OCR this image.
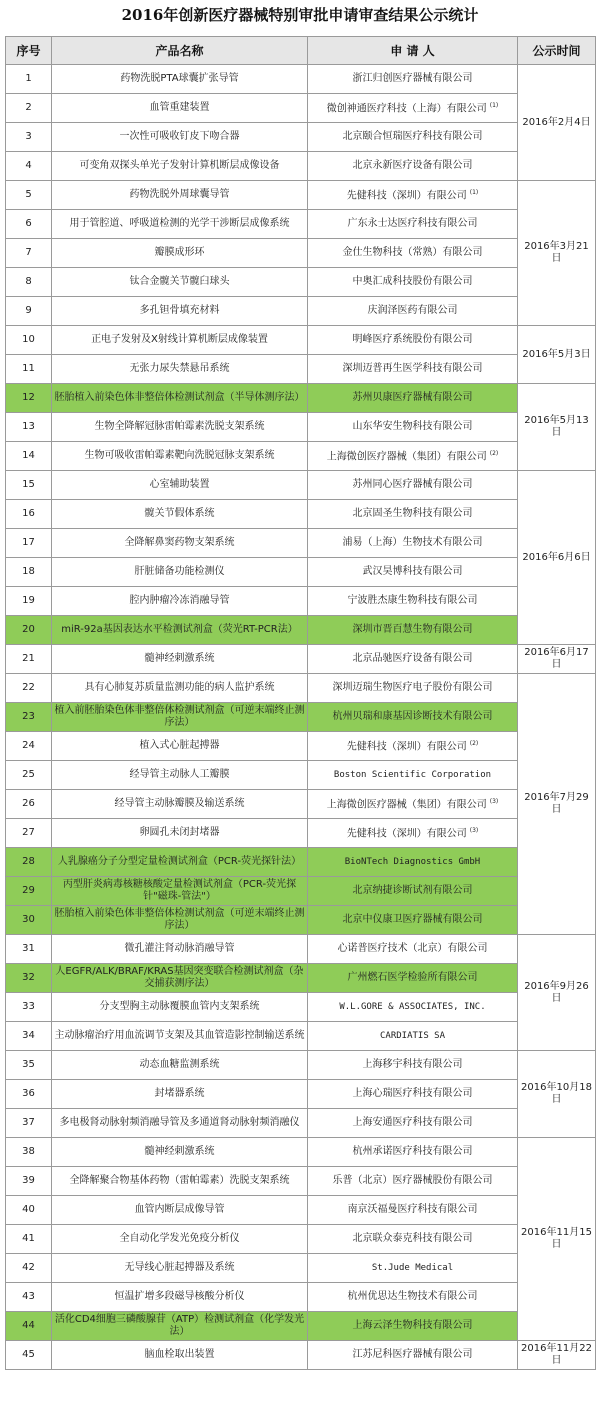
2016年创新医疗器械特别审批申请审查结果公示统计
序号	产品名称	申 请 人	公示时间
1	药物洗脱PTA球囊扩张导管	浙江归创医疗器械有限公司	2016年2月4日
2	血管重建装置	微创神通医疗科技（上海）有限公司 $^{(1)}$
3	一次性可吸收钉皮下吻合器	北京颐合恒瑞医疗科技有限公司	
4	可变角双探头单光子发射计算机断层成像设备	北京永新医疗设备有限公司	
5	药物洗脱外周球囊导管	先健科技（深圳）有限公司 $^{(1)}$	2016年3月21日
6	用于管腔道、呼吸道检测的光学干涉断层成像系统	广东永士达医疗科技有限公司	
7	瓣膜成形环	金仕生物科技（常熟）有限公司	
8	钛合金髋关节髋臼球头	中奥汇成科技股份有限公司	
9	多孔钽骨填充材料	庆润泽医药有限公司	
10	正电子发射及X射线计算机断层成像装置	明峰医疗系统股份有限公司	2016年5月3日
11	无张力尿失禁悬吊系统	深圳迈普再生医学科技有限公司	
12	胚胎植入前染色体非整倍体检测试剂盒（半导体测序法）	苏州贝康医疗器械有限公司	2016年5月13日
13	生物全降解冠脉雷帕霉素洗脱支架系统	山东华安生物科技有限公司	
14	生物可吸收雷帕霉素靶向洗脱冠脉支架系统	上海微创医疗器械（集团）有限公司 $^{(2)}$
15	心室辅助装置	苏州同心医疗器械有限公司	2016年6月6日
16	髋关节假体系统	北京固圣生物科技有限公司	
17	全降解鼻窦药物支架系统	浦易（上海）生物技术有限公司	
18	肝脏储备功能检测仪	武汉昊博科技有限公司	
19	腔内肿瘤冷冻消融导管	宁波胜杰康生物科技有限公司	
20	miR-92a基因表达水平检测试剂盒（荧光RT-PCR法）	深圳市晋百慧生物有限公司	
21	髓神经刺激系统	北京品驰医疗设备有限公司	2016年6月17日
22	具有心肺复苏质量监测功能的病人监护系统	深圳迈瑞生物医疗电子股份有限公司	2016年7月29日
23	植入前胚胎染色体非整倍体检测试剂盒（可逆末端终止测序法）	杭州贝瑞和康基因诊断技术有限公司	
24	植入式心脏起搏器	先健科技（深圳）有限公司 $^{(2)}$
25	经导管主动脉人工瓣膜	Boston Scientific Corporation	
26	经导管主动脉瓣膜及输送系统	上海微创医疗器械（集团）有限公司 $^{(3)}$
27	卵圆孔未闭封堵器	先健科技（深圳）有限公司 $^{(3)}$
28	人乳腺癌分子分型定量检测试剂盒（PCR-荧光探针法）	BioNTech Diagnostics GmbH	
29	丙型肝炎病毒核糖核酸定量检测试剂盒（PCR-荧光探针"磁珠-管法"）	北京纳捷诊断试剂有限公司	
30	胚胎植入前染色体非整倍体检测试剂盒（可逆末端终止测序法）	北京中仪康卫医疗器械有限公司	
31	微孔灌注肾动脉消融导管	心诺普医疗技术（北京）有限公司	2016年9月26日
32	人EGFR/ALK/BRAF/KRAS基因突变联合检测试剂盒（杂交捕获测序法）	广州燃石医学检验所有限公司	
33	分支型胸主动脉覆膜血管内支架系统	W.L.GORE & ASSOCIATES, INC.	
34	主动脉瘤治疗用血流调节支架及其血管造影控制输送系统	CARDIATIS SA	
35	动态血糖监测系统	上海移宇科技有限公司	2016年10月18日
36	封堵器系统	上海心瑞医疗科技有限公司	
37	多电极肾动脉射频消融导管及多通道肾动脉射频消融仪	上海安通医疗科技有限公司	
38	髓神经刺激系统	杭州承诺医疗科技有限公司	2016年11月15日
39	全降解聚合物基体药物（雷帕霉素）洗脱支架系统	乐普（北京）医疗器械股份有限公司	
40	血管内断层成像导管	南京沃福曼医疗科技有限公司	
41	全自动化学发光免疫分析仪	北京联众泰克科技有限公司	
42	无导线心脏起搏器及系统	St.Jude Medical	
43	恒温扩增多段磁导核酸分析仪	杭州优思达生物技术有限公司	
44	活化CD4细胞三磷酸腺苷（ATP）检测试剂盒（化学发光法）	上海云泽生物科技有限公司	
45	脑血栓取出装置	江苏尼科医疗器械有限公司	2016年11月22日
